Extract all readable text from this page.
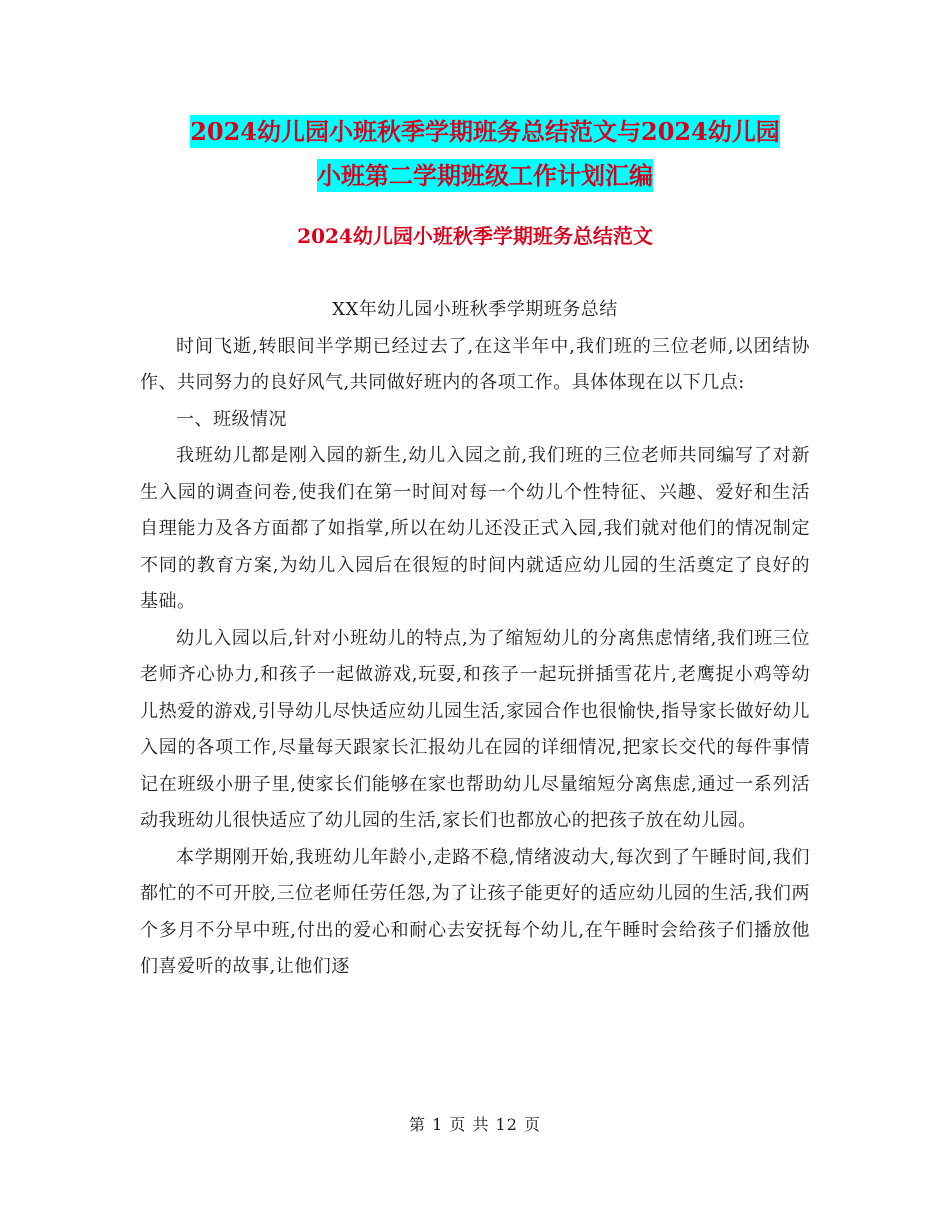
2024幼儿园小班秋季学期班务总结范文与2024幼儿园
小班第二学期班级工作计划汇编
2024幼儿园小班秋季学期班务总结范文

XX年幼儿园小班秋季学期班务总结

时间飞逝,转眼间半学期已经过去了,在这半年中,我们班的三位老师,以团结协作、共同努力的良好风气,共同做好班内的各项工作。具体体现在以下几点:

一、班级情况

我班幼儿都是刚入园的新生,幼儿入园之前,我们班的三位老师共同编写了对新生入园的调查问卷,使我们在第一时间对每一个幼儿个性特征、兴趣、爱好和生活自理能力及各方面都了如指掌,所以在幼儿还没正式入园,我们就对他们的情况制定不同的教育方案,为幼儿入园后在很短的时间内就适应幼儿园的生活奠定了良好的基础。

幼儿入园以后,针对小班幼儿的特点,为了缩短幼儿的分离焦虑情绪,我们班三位老师齐心协力,和孩子一起做游戏,玩耍,和孩子一起玩拼插雪花片,老鹰捉小鸡等幼儿热爱的游戏,引导幼儿尽快适应幼儿园生活,家园合作也很愉快,指导家长做好幼儿入园的各项工作,尽量每天跟家长汇报幼儿在园的详细情况,把家长交代的每件事情记在班级小册子里,使家长们能够在家也帮助幼儿尽量缩短分离焦虑,通过一系列活动我班幼儿很快适应了幼儿园的生活,家长们也都放心的把孩子放在幼儿园。

本学期刚开始,我班幼儿年龄小,走路不稳,情绪波动大,每次到了午睡时间,我们都忙的不可开胶,三位老师任劳任怨,为了让孩子能更好的适应幼儿园的生活,我们两个多月不分早中班,付出的爱心和耐心去安抚每个幼儿,在午睡时会给孩子们播放他们喜爱听的故事,让他们逐

第 1 页 共 12 页
